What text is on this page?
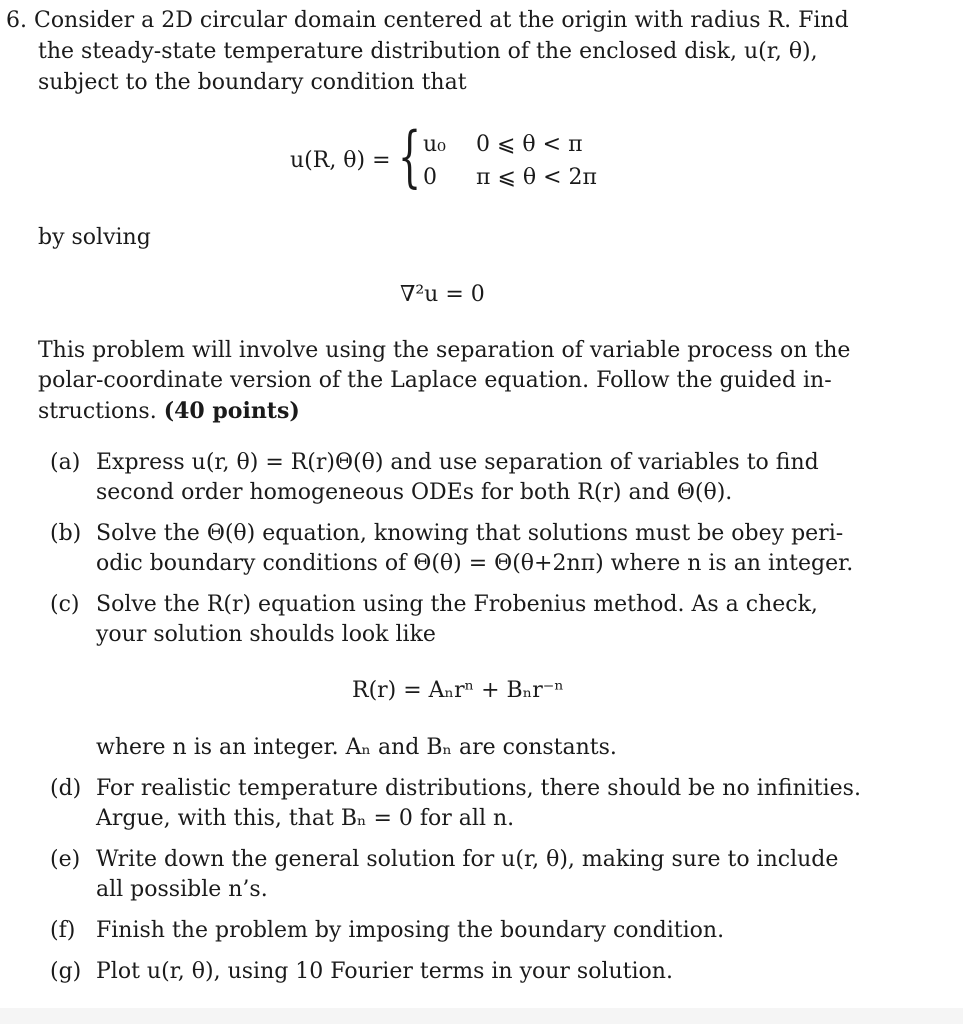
6. Consider a 2D circular domain centered at the origin with radius R. Find
the steady-state temperature distribution of the enclosed disk, u(r, θ),
subject to the boundary condition that
u(R, θ) = { u₀ 0 ⩽ θ < π
0 π ⩽ θ < 2π
by solving
∇²u = 0
This problem will involve using the separation of variable process on the
polar-coordinate version of the Laplace equation. Follow the guided in-
structions. (40 points)
(a) Express u(r, θ) = R(r)Θ(θ) and use separation of variables to find
second order homogeneous ODEs for both R(r) and Θ(θ).
(b) Solve the Θ(θ) equation, knowing that solutions must be obey peri-
odic boundary conditions of Θ(θ) = Θ(θ+2nπ) where n is an integer.
(c) Solve the R(r) equation using the Frobenius method. As a check,
your solution shoulds look like
R(r) = Aₙrⁿ + Bₙr⁻ⁿ
where n is an integer. Aₙ and Bₙ are constants.
(d) For realistic temperature distributions, there should be no infinities.
Argue, with this, that Bₙ = 0 for all n.
(e) Write down the general solution for u(r, θ), making sure to include
all possible n’s.
(f) Finish the problem by imposing the boundary condition.
(g) Plot u(r, θ), using 10 Fourier terms in your solution.
